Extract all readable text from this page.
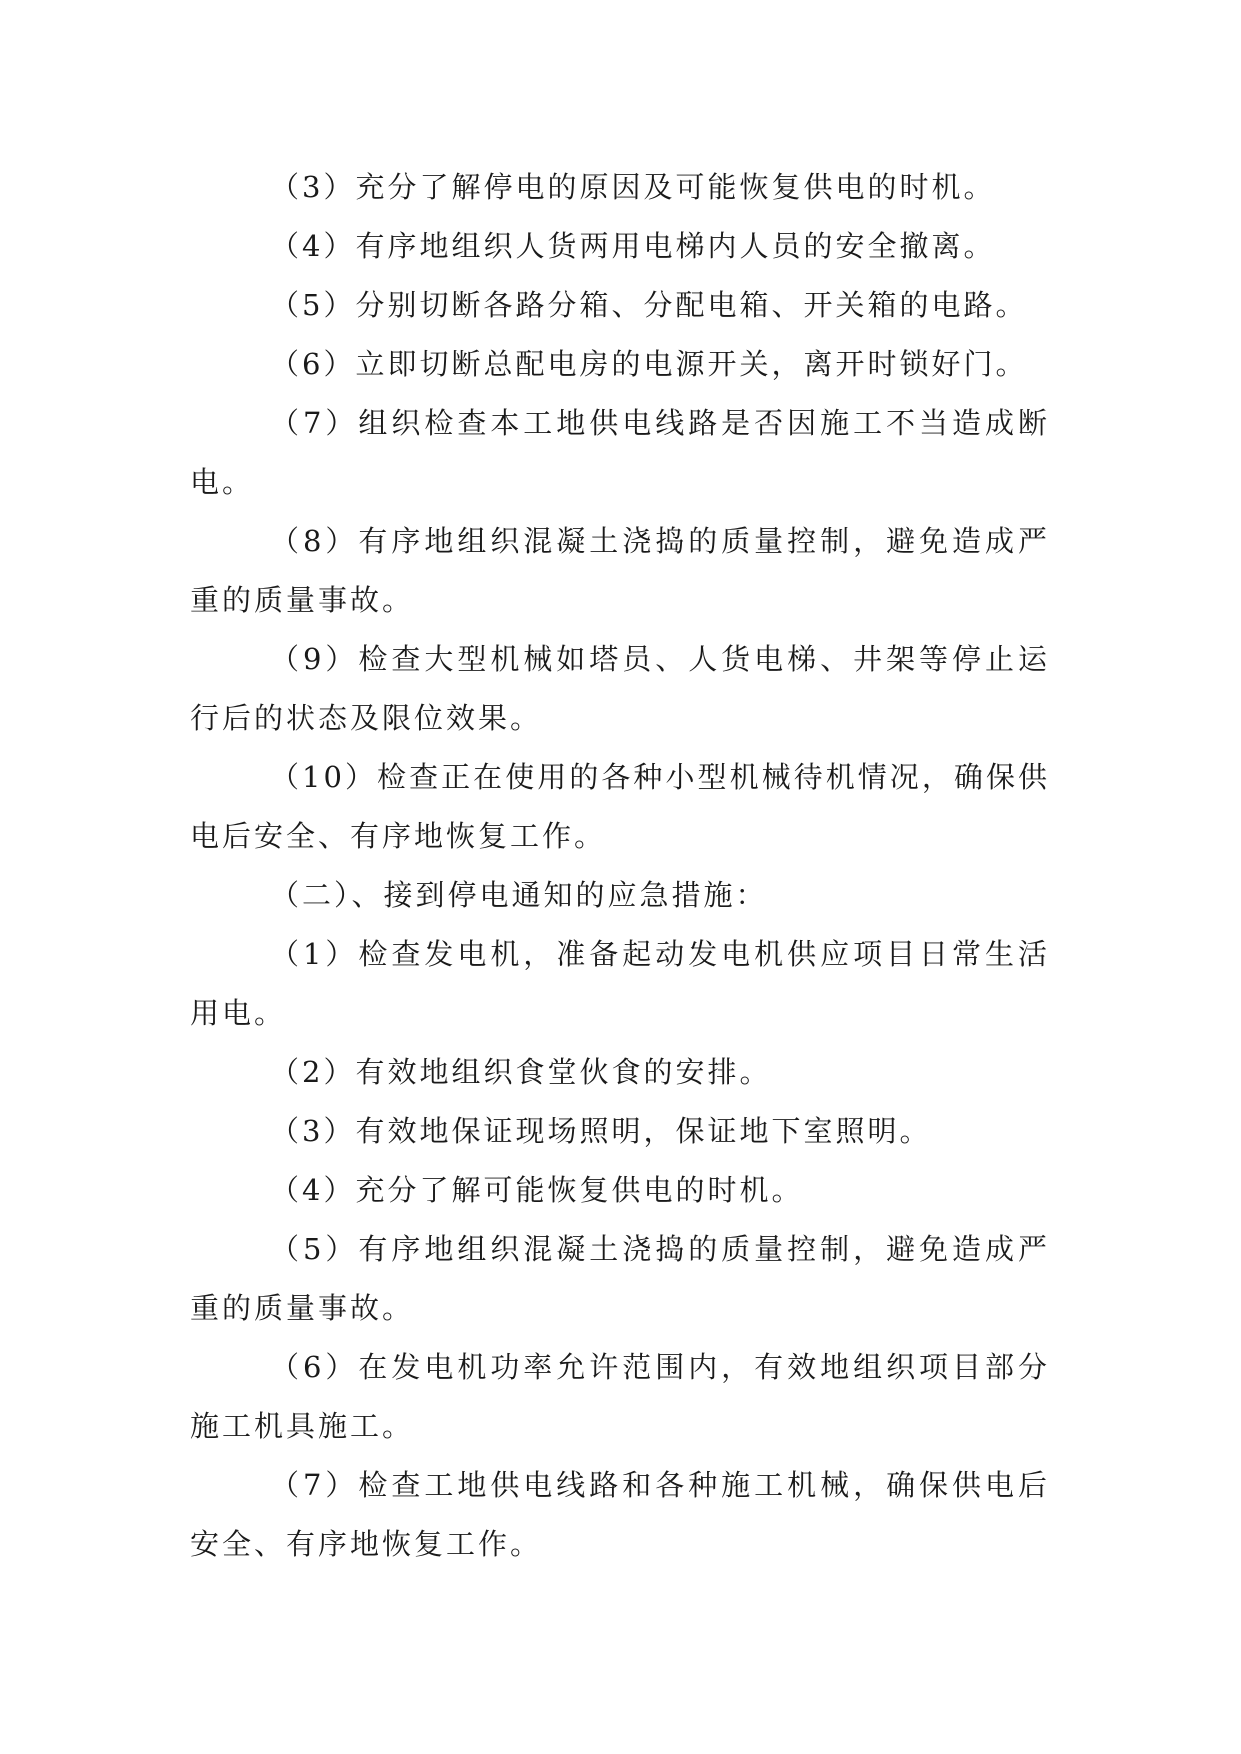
（3）充分了解停电的原因及可能恢复供电的时机。

（4）有序地组织人货两用电梯内人员的安全撤离。

（5）分别切断各路分箱、分配电箱、开关箱的电路。

（6）立即切断总配电房的电源开关，离开时锁好门。

（7）组织检查本工地供电线路是否因施工不当造成断电。

（8）有序地组织混凝土浇捣的质量控制，避免造成严重的质量事故。

（9）检查大型机械如塔员、人货电梯、井架等停止运行后的状态及限位效果。

（10）检查正在使用的各种小型机械待机情况，确保供电后安全、有序地恢复工作。

（二）、接到停电通知的应急措施：

（1）检查发电机，准备起动发电机供应项目日常生活用电。

（2）有效地组织食堂伙食的安排。

（3）有效地保证现场照明，保证地下室照明。

（4）充分了解可能恢复供电的时机。

（5）有序地组织混凝土浇捣的质量控制，避免造成严重的质量事故。

（6）在发电机功率允许范围内，有效地组织项目部分施工机具施工。

（7）检查工地供电线路和各种施工机械，确保供电后安全、有序地恢复工作。
